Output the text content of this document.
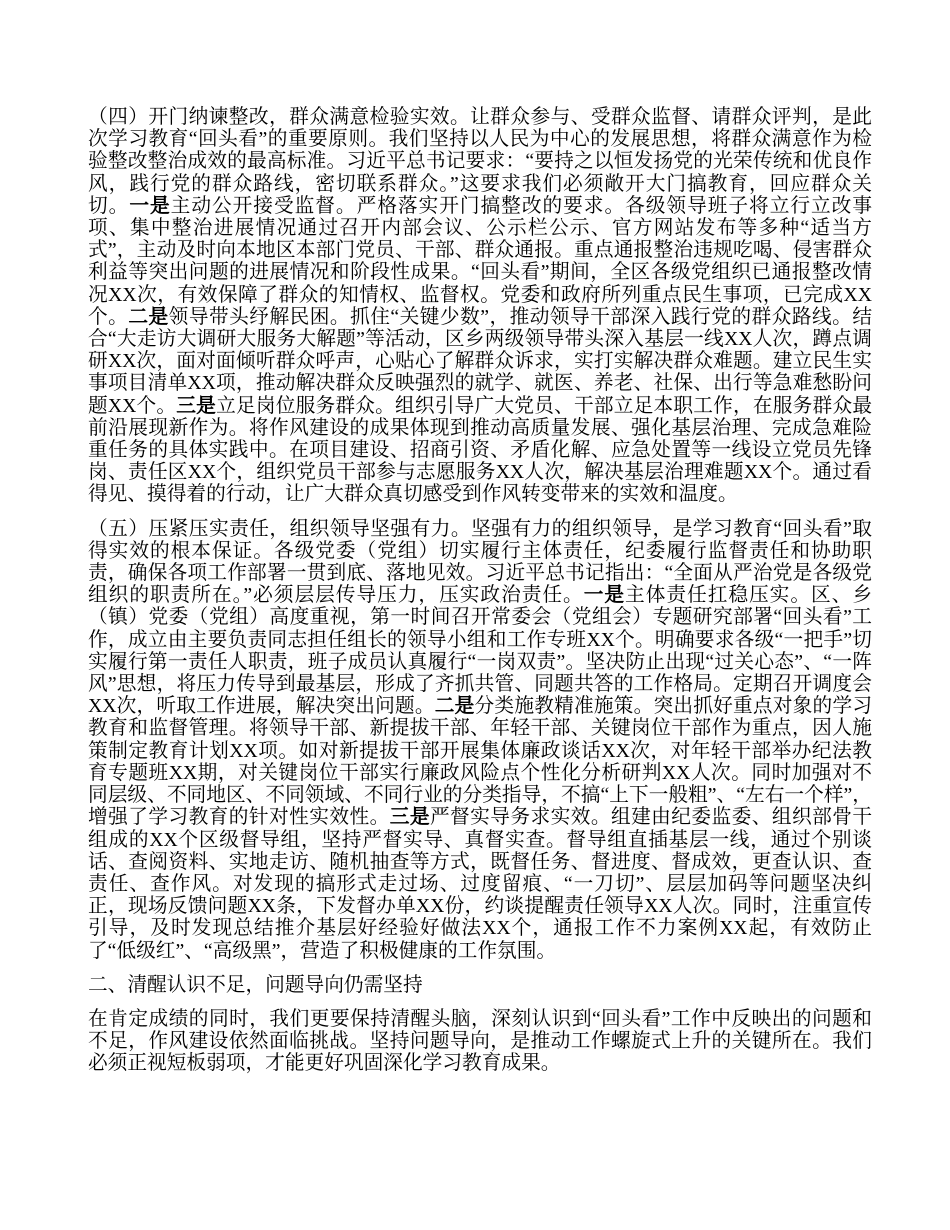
（四）开门纳谏整改，群众满意检验实效。让群众参与、受群众监督、请群众评判，是此次学习教育“回头看”的重要原则。我们坚持以人民为中心的发展思想，将群众满意作为检验整改整治成效的最高标准。习近平总书记要求：“要持之以恒发扬党的光荣传统和优良作风，践行党的群众路线，密切联系群众。”这要求我们必须敞开大门搞教育，回应群众关切。一是主动公开接受监督。严格落实开门搞整改的要求。各级领导班子将立行立改事项、集中整治进展情况通过召开内部会议、公示栏公示、官方网站发布等多种“适当方式”，主动及时向本地区本部门党员、干部、群众通报。重点通报整治违规吃喝、侵害群众利益等突出问题的进展情况和阶段性成果。“回头看”期间，全区各级党组织已通报整改情况XX次，有效保障了群众的知情权、监督权。党委和政府所列重点民生事项，已完成XX个。二是领导带头纾解民困。抓住“关键少数”，推动领导干部深入践行党的群众路线。结合“大走访大调研大服务大解题”等活动，区乡两级领导带头深入基层一线XX人次，蹲点调研XX次，面对面倾听群众呼声，心贴心了解群众诉求，实打实解决群众难题。建立民生实事项目清单XX项，推动解决群众反映强烈的就学、就医、养老、社保、出行等急难愁盼问题XX个。三是立足岗位服务群众。组织引导广大党员、干部立足本职工作，在服务群众最前沿展现新作为。将作风建设的成果体现到推动高质量发展、强化基层治理、完成急难险重任务的具体实践中。在项目建设、招商引资、矛盾化解、应急处置等一线设立党员先锋岗、责任区XX个，组织党员干部参与志愿服务XX人次，解决基层治理难题XX个。通过看得见、摸得着的行动，让广大群众真切感受到作风转变带来的实效和温度。

（五）压紧压实责任，组织领导坚强有力。坚强有力的组织领导，是学习教育“回头看”取得实效的根本保证。各级党委（党组）切实履行主体责任，纪委履行监督责任和协助职责，确保各项工作部署一贯到底、落地见效。习近平总书记指出：“全面从严治党是各级党组织的职责所在。”必须层层传导压力，压实政治责任。一是主体责任扛稳压实。区、乡（镇）党委（党组）高度重视，第一时间召开常委会（党组会）专题研究部署“回头看”工作，成立由主要负责同志担任组长的领导小组和工作专班XX个。明确要求各级“一把手”切实履行第一责任人职责，班子成员认真履行“一岗双责”。坚决防止出现“过关心态”、“一阵风”思想，将压力传导到最基层，形成了齐抓共管、同题共答的工作格局。定期召开调度会XX次，听取工作进展，解决突出问题。二是分类施教精准施策。突出抓好重点对象的学习教育和监督管理。将领导干部、新提拔干部、年轻干部、关键岗位干部作为重点，因人施策制定教育计划XX项。如对新提拔干部开展集体廉政谈话XX次，对年轻干部举办纪法教育专题班XX期，对关键岗位干部实行廉政风险点个性化分析研判XX人次。同时加强对不同层级、不同地区、不同领域、不同行业的分类指导，不搞“上下一般粗”、“左右一个样”，增强了学习教育的针对性实效性。三是严督实导务求实效。组建由纪委监委、组织部骨干组成的XX个区级督导组，坚持严督实导、真督实查。督导组直插基层一线，通过个别谈话、查阅资料、实地走访、随机抽查等方式，既督任务、督进度、督成效，更查认识、查责任、查作风。对发现的搞形式走过场、过度留痕、“一刀切”、层层加码等问题坚决纠正，现场反馈问题XX条，下发督办单XX份，约谈提醒责任领导XX人次。同时，注重宣传引导，及时发现总结推介基层好经验好做法XX个，通报工作不力案例XX起，有效防止了“低级红”、“高级黑”，营造了积极健康的工作氛围。

二、清醒认识不足，问题导向仍需坚持

在肯定成绩的同时，我们更要保持清醒头脑，深刻认识到“回头看”工作中反映出的问题和不足，作风建设依然面临挑战。坚持问题导向，是推动工作螺旋式上升的关键所在。我们必须正视短板弱项，才能更好巩固深化学习教育成果。
